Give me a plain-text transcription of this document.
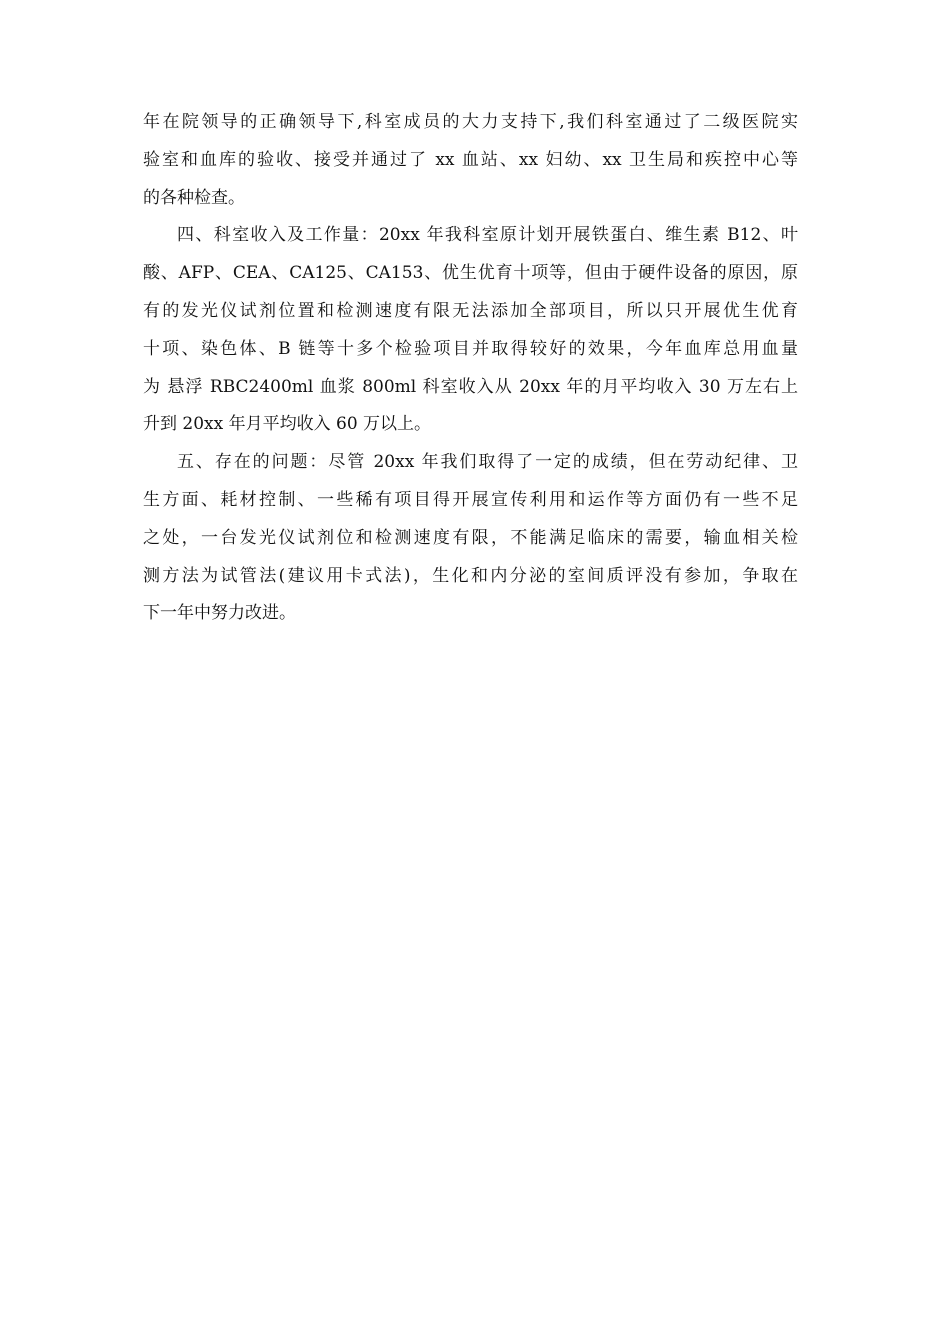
年在院领导的正确领导下,科室成员的大力支持下,我们科室通过了二级医院实
验室和血库的验收、接受并通过了 xx 血站、xx 妇幼、xx 卫生局和疾控中心等
的各种检查。
四、科室收入及工作量：20xx 年我科室原计划开展铁蛋白、维生素 B12、叶
酸、AFP、CEA、CA125、CA153、优生优育十项等，但由于硬件设备的原因，原
有的发光仪试剂位置和检测速度有限无法添加全部项目，所以只开展优生优育
十项、染色体、B 链等十多个检验项目并取得较好的效果，今年血库总用血量
为 悬浮 RBC2400ml 血浆 800ml 科室收入从 20xx 年的月平均收入 30 万左右上
升到 20xx 年月平均收入 60 万以上。
五、存在的问题：尽管 20xx 年我们取得了一定的成绩，但在劳动纪律、卫
生方面、耗材控制、一些稀有项目得开展宣传利用和运作等方面仍有一些不足
之处，一台发光仪试剂位和检测速度有限，不能满足临床的需要，输血相关检
测方法为试管法(建议用卡式法)，生化和内分泌的室间质评没有参加，争取在
下一年中努力改进。
